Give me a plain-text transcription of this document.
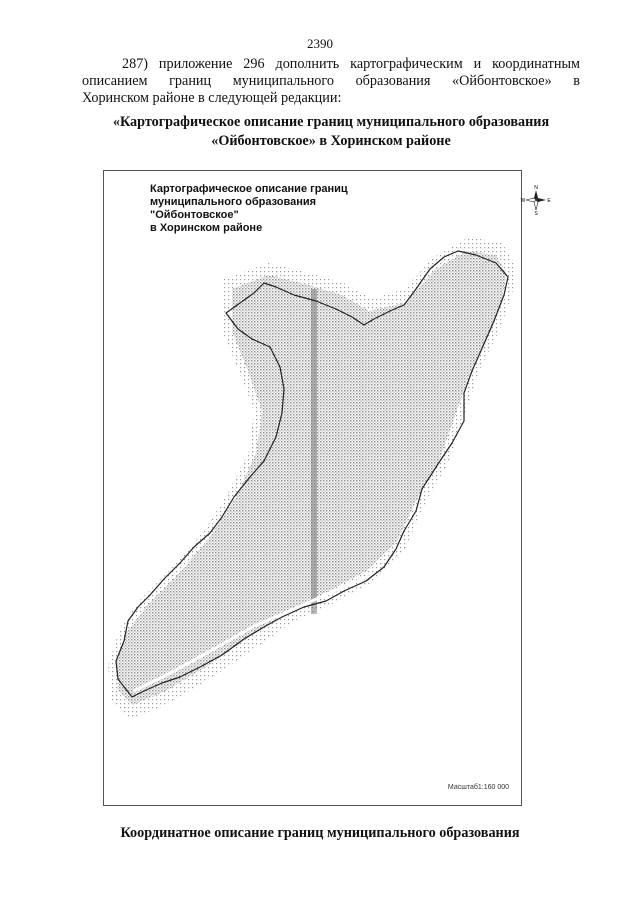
2390
287) приложение 296 дополнить картографическим и координатным
описанием границ муниципального образования «Ойбонтовское» в
Хоринском районе в следующей редакции:
«Картографическое описание границ муниципального образования
«Ойбонтовское» в Хоринском районе
Картографическое описание границ
муниципального образования
"Ойбонтовское"
в Хоринском районе
N
S
W	E
Масштаб1:160 000
Координатное описание границ муниципального образования
